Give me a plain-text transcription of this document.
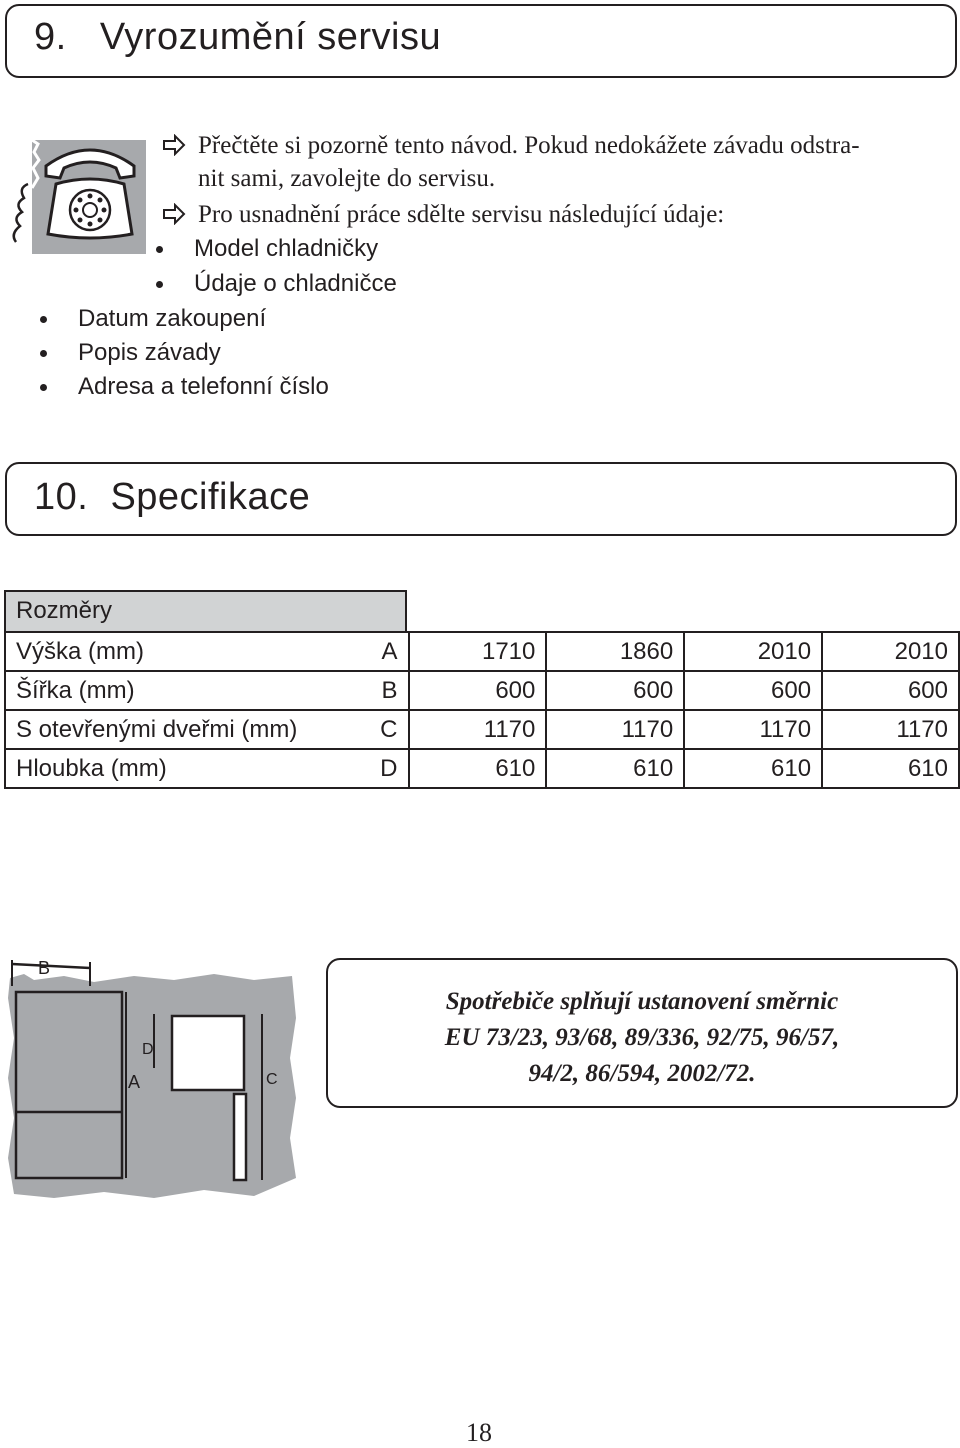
9.   Vyrozumění servisu
Přečtěte si pozorně tento návod. Pokud nedokážete závadu odstra-
nit sami, zavolejte do servisu.
Pro usnadnění práce sdělte servisu následující údaje:
Model chladničky
Údaje o chladničce
Datum zakoupení
Popis závady
Adresa a telefonní číslo
10.  Specifikace
Rozměry
Výška (mm)	A	1710	1860	2010	2010
Šířka (mm)	B	600	600	600	600
S otevřenými dveřmi (mm)	C	1170	1170	1170	1170
Hloubka (mm)	D	610	610	610	610
B
A
D
C
Spotřebiče splňují ustanovení směrnic
EU 73/23, 93/68, 89/336, 92/75, 96/57,
94/2, 86/594, 2002/72.
18
